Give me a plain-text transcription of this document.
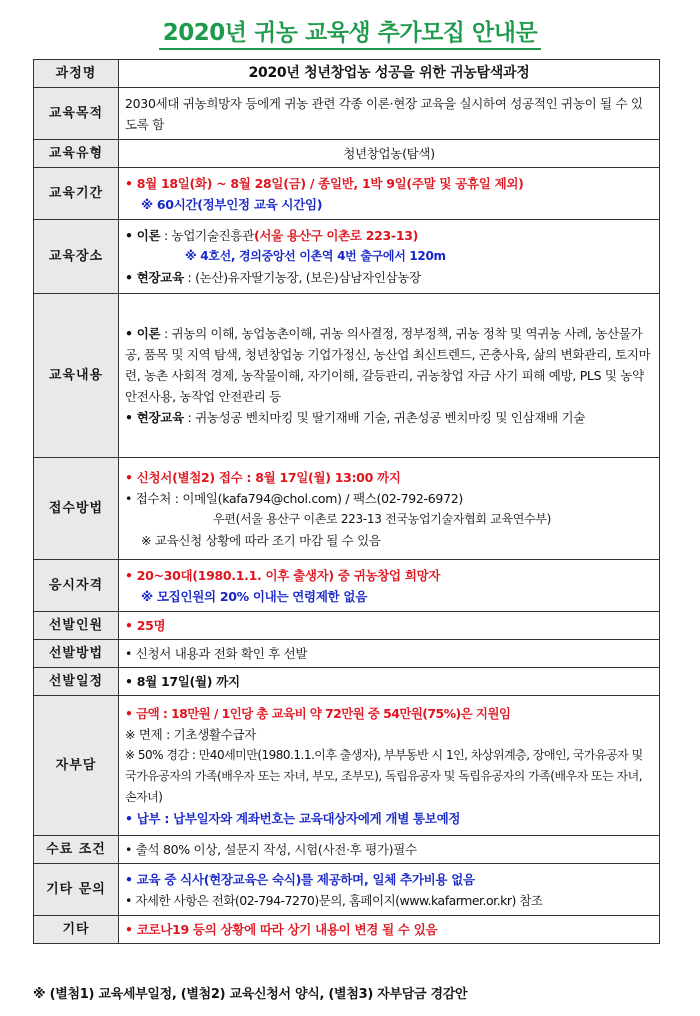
2020년 귀농 교육생 추가모집 안내문
과정명	2020년 청년창업농 성공을 위한 귀농탐색과정
교육목적	2030세대 귀농희망자 등에게 귀농 관련 각종 이론·현장 교육을 실시하여 성공적인 귀농이 될 수 있도록 함
교육유형	청년창업농(탐색)
교육기간	• 8월 18일(화) ~ 8월 28일(금) / 종일반, 1박 9일(주말 및 공휴일 제외)
※ 60시간(정부인정 교육 시간임)

교육장소	• 이론 : 농업기술진흥관(서울 용산구 이촌로 223-13)
※ 4호선, 경의중앙선 이촌역 4번 출구에서 120m
• 현장교육 : (논산)유자딸기농장, (보은)삼남자인삼농장

교육내용	• 이론 : 귀농의 이해, 농업농촌이해, 귀농 의사결정, 정부정책, 귀농 정착 및 역귀농 사례, 농산물가공, 품목 및 지역 탐색, 청년창업농 기업가정신, 농산업 최신트렌드, 곤충사육, 삶의 변화관리, 토지마련, 농촌 사회적 경제, 농작물이해, 자기이해, 갈등관리, 귀농창업 자금 사기 피해 예방, PLS 및 농약안전사용, 농작업 안전관리 등
• 현장교육 : 귀농성공 벤치마킹 및 딸기재배 기술, 귀촌성공 벤치마킹 및 인삼재배 기술

접수방법	• 신청서(별첨2) 접수 : 8월 17일(월) 13:00 까지
• 접수처 : 이메일(kafa794@chol.com) / 팩스(02-792-6972)
우편(서울 용산구 이촌로 223-13 전국농업기술자협회 교육연수부)
※ 교육신청 상황에 따라 조기 마감 될 수 있음

응시자격	• 20~30대(1980.1.1. 이후 출생자) 중 귀농창업 희망자
※ 모집인원의 20% 이내는 연령제한 없음

선발인원	• 25명
선발방법	• 신청서 내용과 전화 확인 후 선발
선발일정	• 8월 17일(월) 까지
자부담	• 금액 : 18만원 / 1인당 총 교육비 약 72만원 중 54만원(75%)은 지원임
※ 면제 : 기초생활수급자
※ 50% 경감 : 만40세미만(1980.1.1.이후 출생자), 부부동반 시 1인, 차상위계층, 장애인, 국가유공자 및 국가유공자의 가족(배우자 또는 자녀, 부모, 조부모), 독립유공자 및 독립유공자의 가족(배우자 또는 자녀, 손자녀)
• 납부 : 납부일자와 계좌번호는 교육대상자에게 개별 통보예정

수료 조건	• 출석 80% 이상, 설문지 작성, 시험(사전·후 평가)필수
기타 문의	• 교육 중 식사(현장교육은 숙식)를 제공하며, 일체 추가비용 없음
• 자세한 사항은 전화(02-794-7270)문의, 홈페이지(www.kafarmer.or.kr) 참조

기타	• 코로나19 등의 상황에 따라 상기 내용이 변경 될 수 있음
※ (별첨1) 교육세부일정, (별첨2) 교육신청서 양식, (별첨3) 자부담금 경감안
